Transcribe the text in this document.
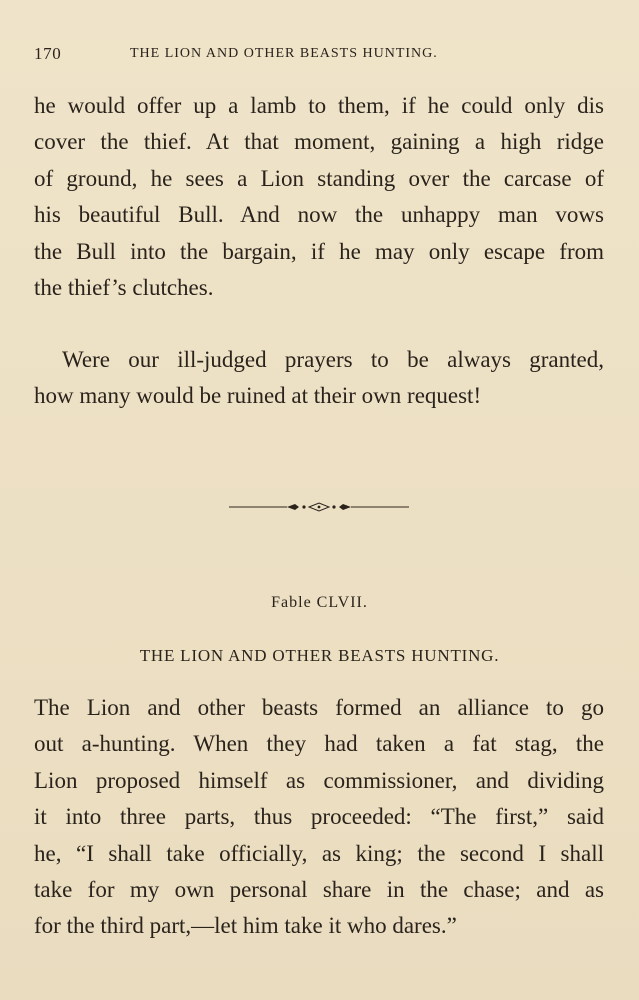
170	THE LION AND OTHER BEASTS HUNTING.

he would offer up a lamb to them, if he could only dis
cover the thief. At that moment, gaining a high ridge
of ground, he sees a Lion standing over the carcase of
his beautiful Bull. And now the unhappy man vows
the Bull into the bargain, if he may only escape from
the thief’s clutches.

Were our ill-judged prayers to be always granted,
how many would be ruined at their own request!

Fable CLVII.
THE LION AND OTHER BEASTS HUNTING.

The Lion and other beasts formed an alliance to go
out a-hunting. When they had taken a fat stag, the
Lion proposed himself as commissioner, and dividing
it into three parts, thus proceeded: “The first,” said
he, “I shall take officially, as king; the second I shall
take for my own personal share in the chase; and as
for the third part,—let him take it who dares.”
